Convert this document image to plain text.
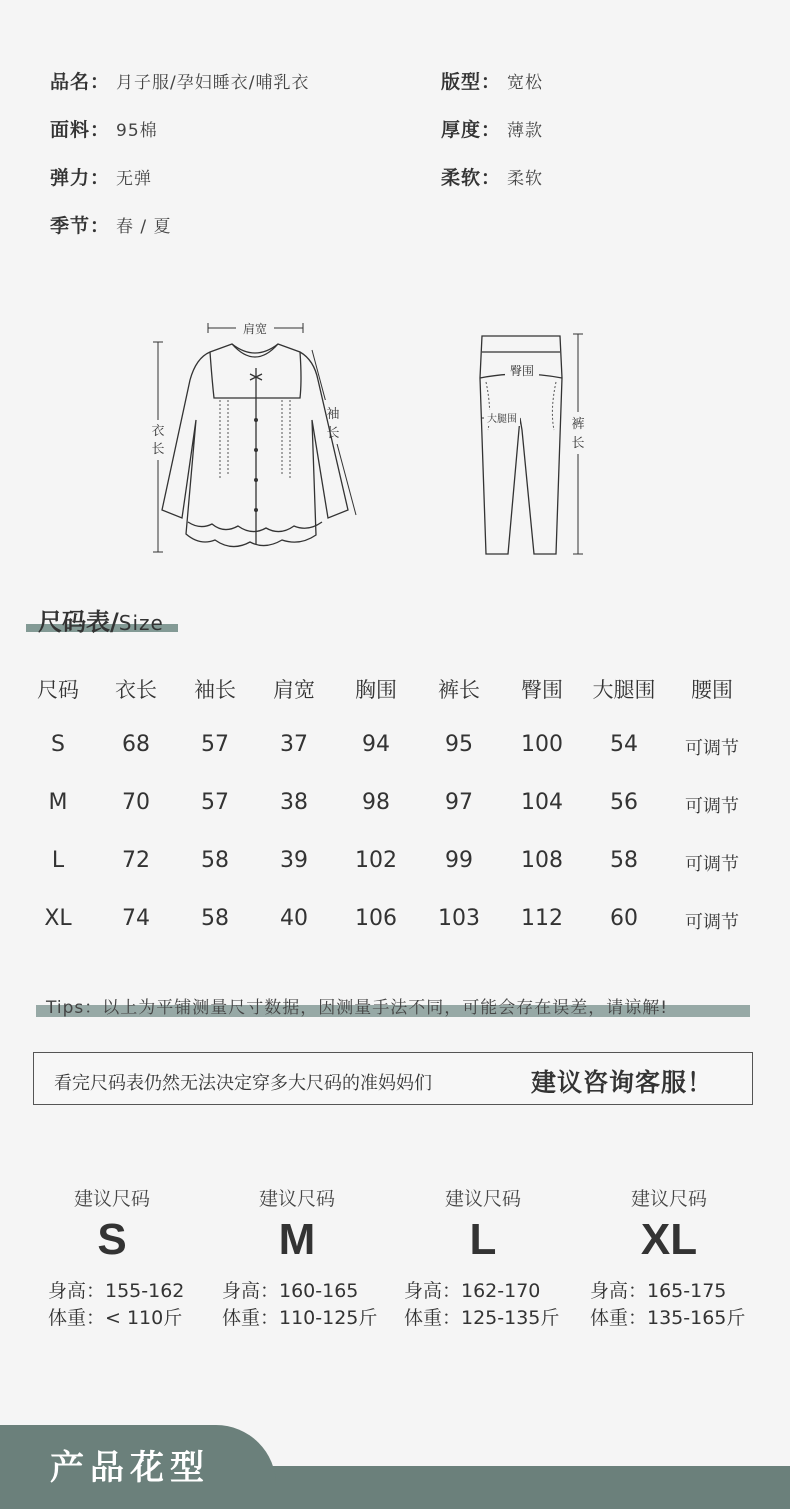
品名： 月子服/孕妇睡衣/哺乳衣	版型： 宽松
面料： 95棉	厚度： 薄款
弹力： 无弹	柔软： 柔软
季节： 春 / 夏
肩宽
衣
长
袖
长
臀围
大腿围	裤
长
尺码表/Size
尺码	衣长	袖长	肩宽	胸围	裤长	臀围	大腿围	腰围
S	68	57	37	94	95	100	54	可调节
M	70	57	38	98	97	104	56	可调节
L	72	58	39	102	99	108	58	可调节
XL	74	58	40	106	103	112	60	可调节
Tips：以上为平铺测量尺寸数据，因测量手法不同，可能会存在误差，请谅解!
看完尺码表仍然无法决定穿多大尺码的准妈妈们	建议咨询客服！
建议尺码
S
身高：155-162
体重：< 110斤
建议尺码
M
身高：160-165
体重：110-125斤
建议尺码
L
身高：162-170
体重：125-135斤
建议尺码
XL
身高：165-175
体重：135-165斤
产品花型
